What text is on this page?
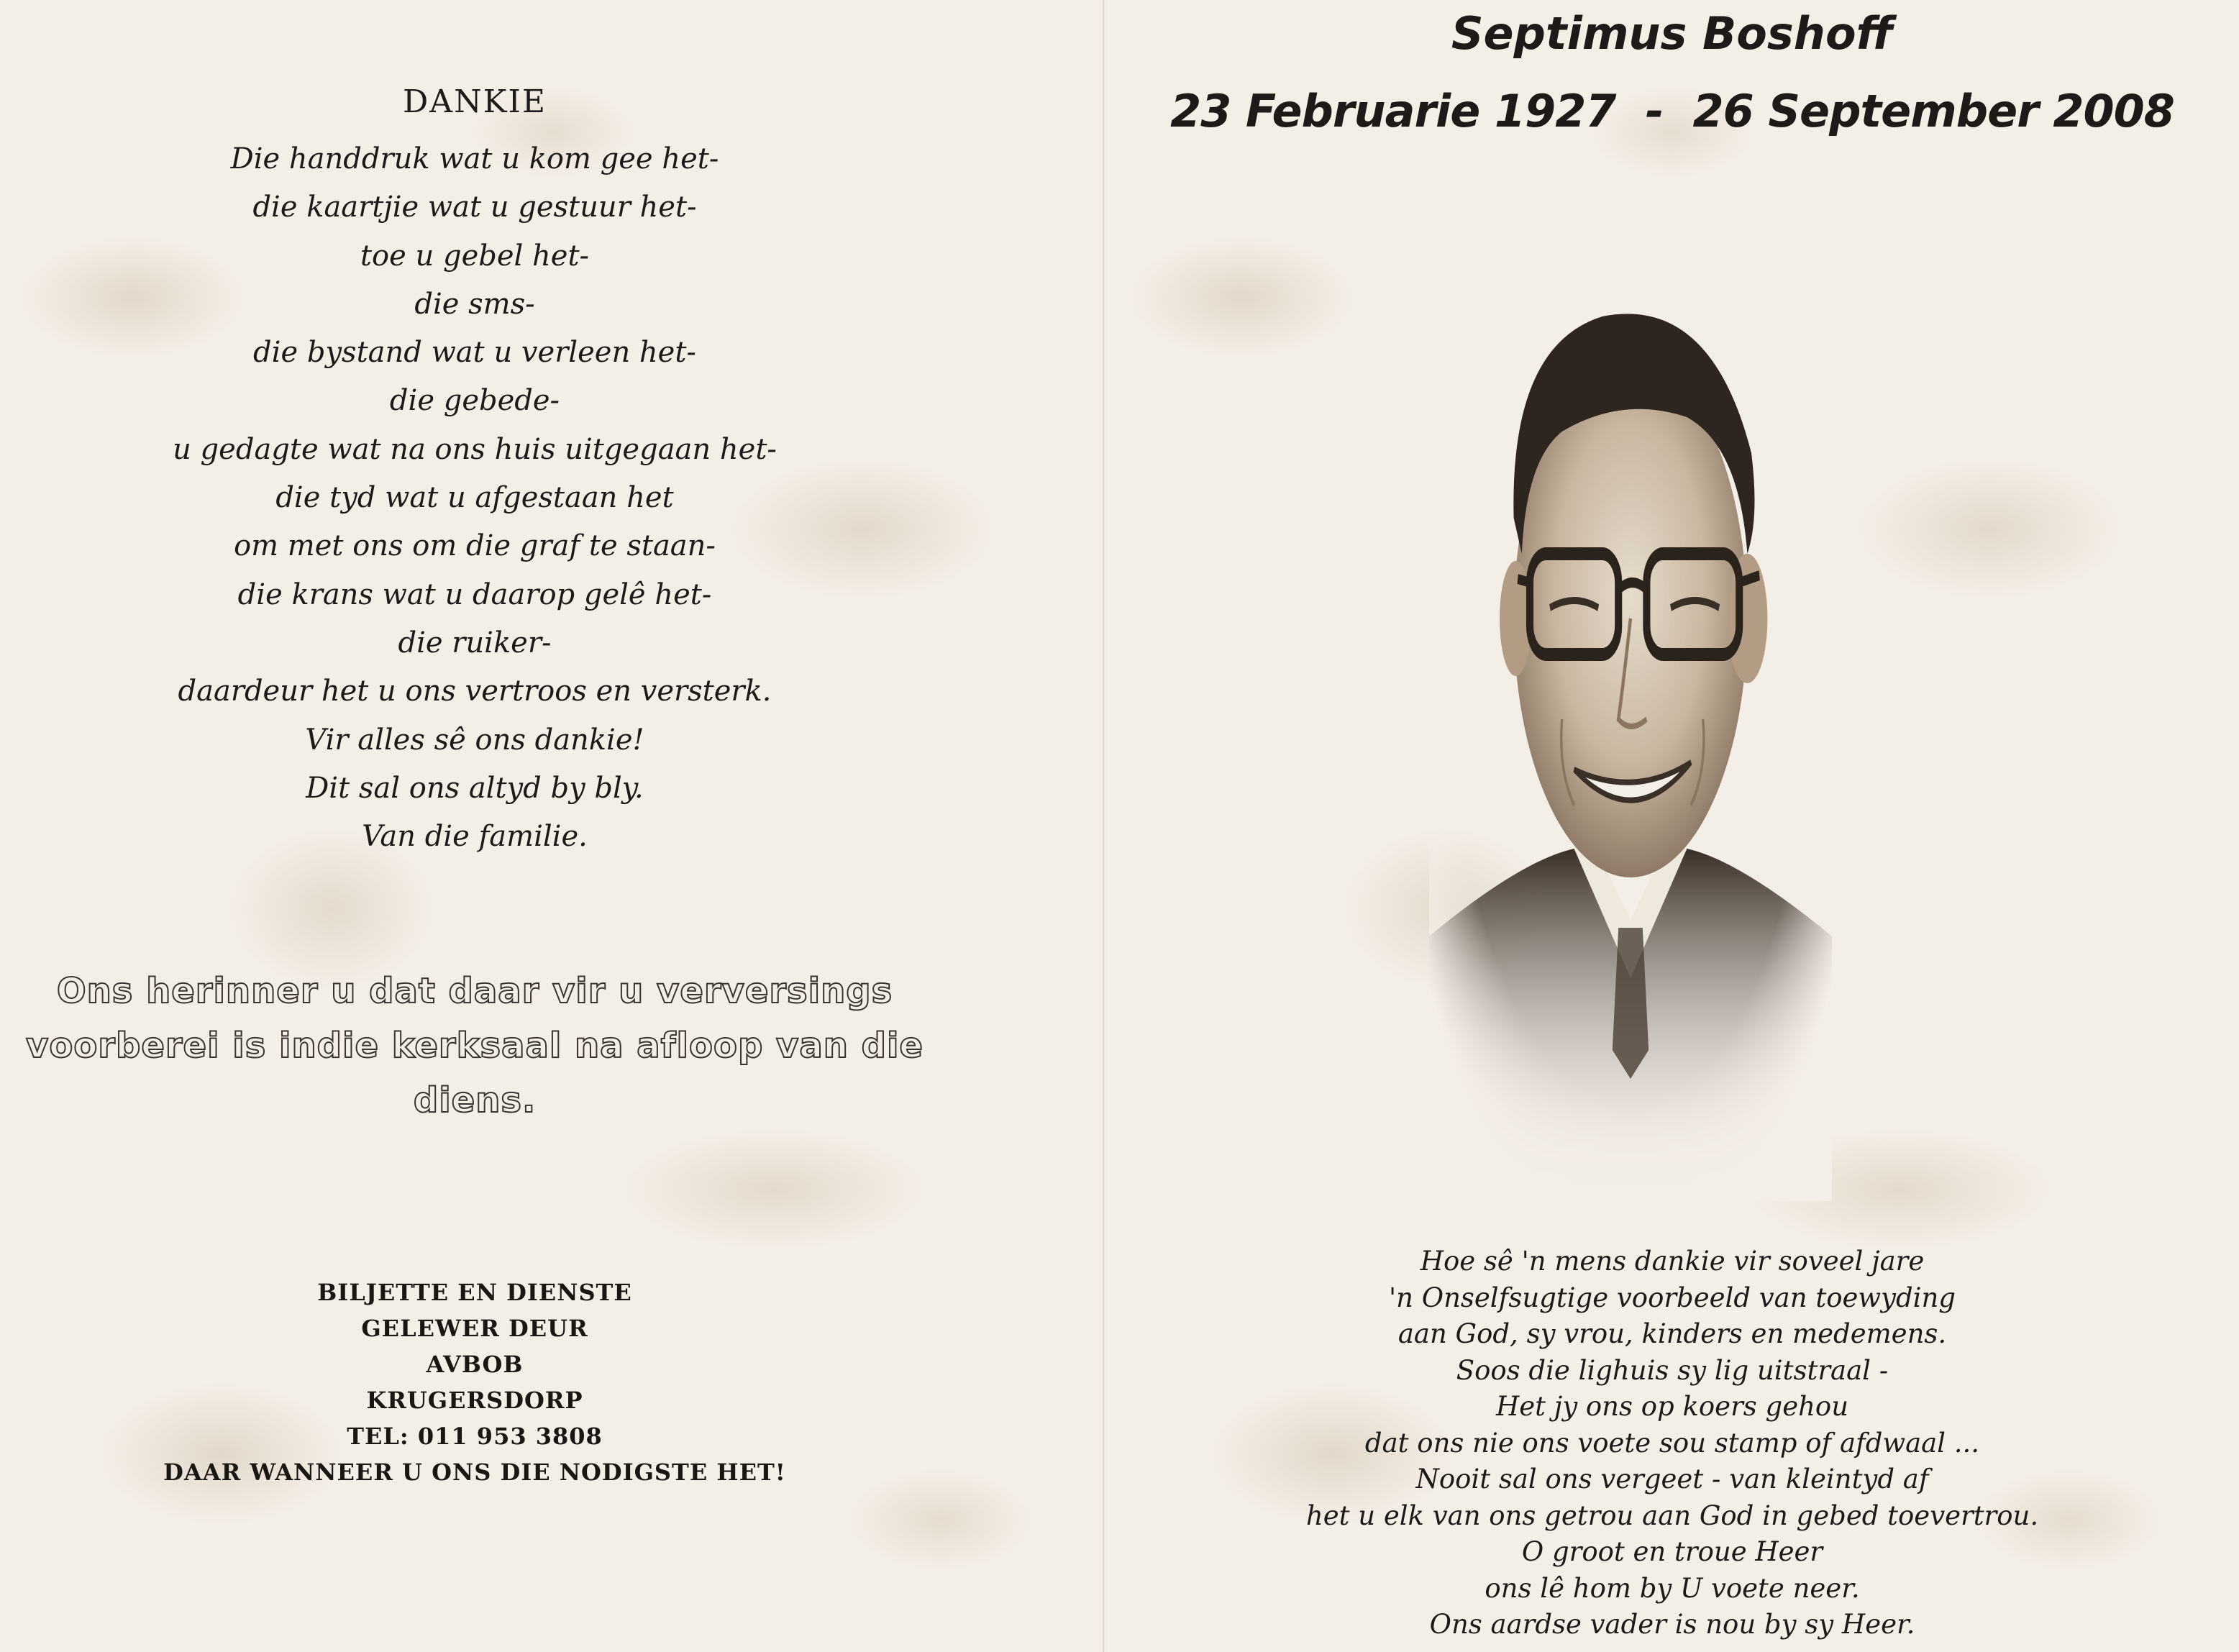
DANKIE
Die handdruk wat u kom gee het-
die kaartjie wat u gestuur het-
toe u gebel het-
die sms-
die bystand wat u verleen het-
die gebede-
u gedagte wat na ons huis uitgegaan het-
die tyd wat u afgestaan het
om met ons om die graf te staan-
die krans wat u daarop gelê het-
die ruiker-
daardeur het u ons vertroos en versterk.
Vir alles sê ons dankie!
Dit sal ons altyd by bly.
Van die familie.
Ons herinner u dat daar vir u verversings voorberei is indie kerksaal na afloop van die diens.
BILJETTE EN DIENSTE
GELEWER DEUR
AVBOB
KRUGERSDORP
TEL: 011 953 3808
DAAR WANNEER U ONS DIE NODIGSTE HET!
Septimus Boshoff
23 Februarie 1927  -  26 September 2008
Hoe sê 'n mens dankie vir soveel jare
'n Onselfsugtige voorbeeld van toewyding
aan God, sy vrou, kinders en medemens.
Soos die lighuis sy lig uitstraal -
Het jy ons op koers gehou
dat ons nie ons voete sou stamp of afdwaal ...
Nooit sal ons vergeet - van kleintyd af
het u elk van ons getrou aan God in gebed toevertrou.
O groot en troue Heer
ons lê hom by U voete neer.
Ons aardse vader is nou by sy Heer.
